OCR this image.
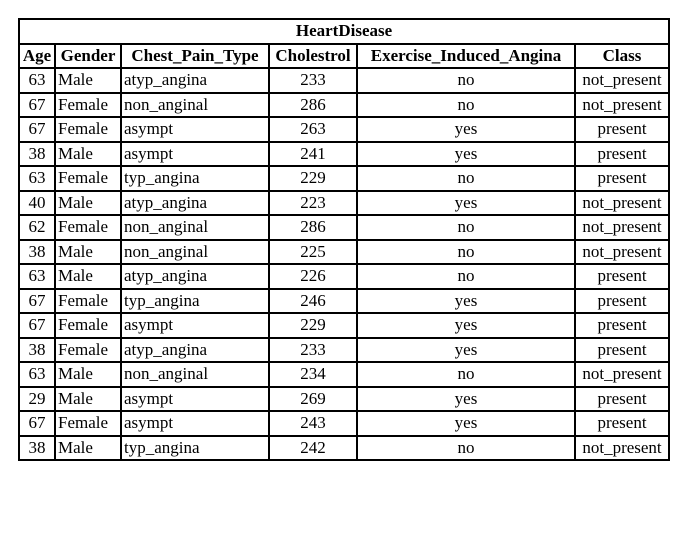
HeartDisease					
Age	Gender	Chest_Pain_Type	Cholestrol	Exercise_Induced_Angina	Class
63	Male	atyp_angina	233	no	not_present
67	Female	non_anginal	286	no	not_present
67	Female	asympt	263	yes	present
38	Male	asympt	241	yes	present
63	Female	typ_angina	229	no	present
40	Male	atyp_angina	223	yes	not_present
62	Female	non_anginal	286	no	not_present
38	Male	non_anginal	225	no	not_present
63	Male	atyp_angina	226	no	present
67	Female	typ_angina	246	yes	present
67	Female	asympt	229	yes	present
38	Female	atyp_angina	233	yes	present
63	Male	non_anginal	234	no	not_present
29	Male	asympt	269	yes	present
67	Female	asympt	243	yes	present
38	Male	typ_angina	242	no	not_present
